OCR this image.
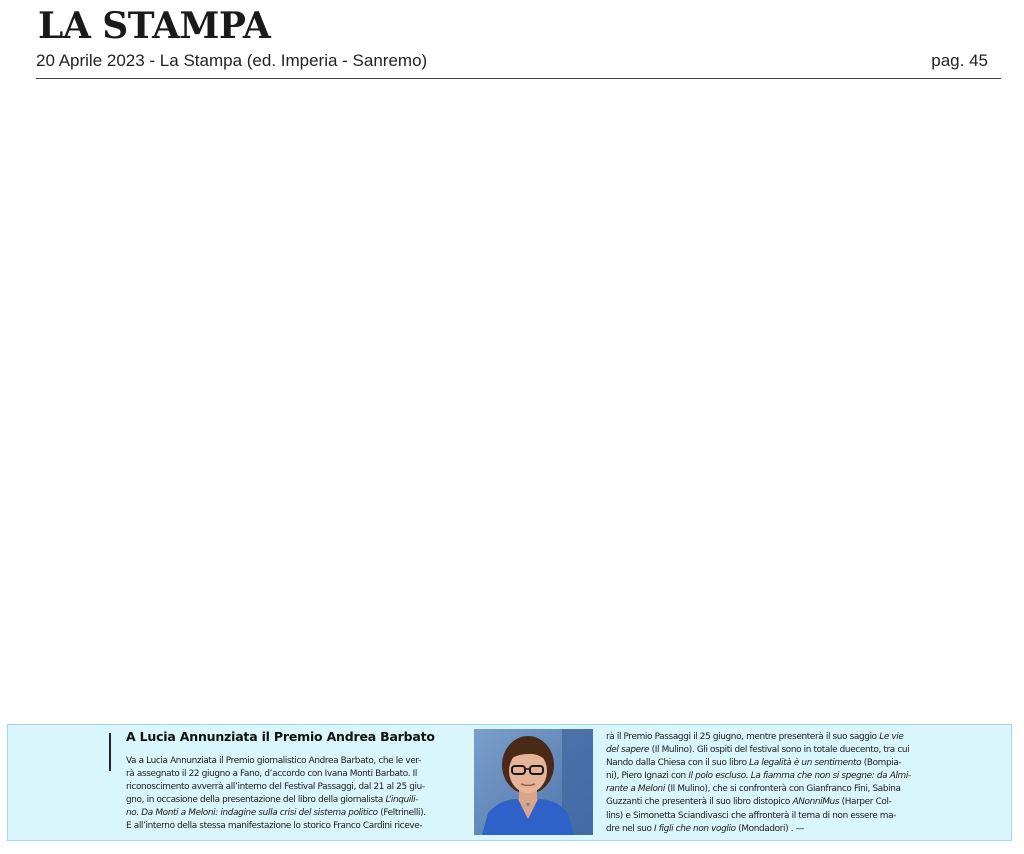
LA STAMPA
20 Aprile 2023 - La Stampa (ed. Imperia - Sanremo)	pag. 45
A Lucia Annunziata il Premio Andrea Barbato
Va a Lucia Annunziata il Premio giornalistico Andrea Barbato, che le ver-
rà assegnato il 22 giugno a Fano, d’accordo con Ivana Monti Barbato. Il
riconoscimento avverrà all’interno del Festival Passaggi, dal 21 al 25 giu-
gno, in occasione della presentazione del libro della giornalista L’inquili-
no. Da Monti a Meloni: indagine sulla crisi del sistema politico (Feltrinelli).
E all’interno della stessa manifestazione lo storico Franco Cardini riceve-
rà il Premio Passaggi il 25 giugno, mentre presenterà il suo saggio Le vie
del sapere (Il Mulino). Gli ospiti del festival sono in totale duecento, tra cui
Nando dalla Chiesa con il suo libro La legalità è un sentimento (Bompia-
ni), Piero Ignazi con Il polo escluso. La fiamma che non si spegne: da Almi-
rante a Meloni (Il Mulino), che si confronterà con Gianfranco Fini, Sabina
Guzzanti che presenterà il suo libro distopico ANonniMus (Harper Col-
lins) e Simonetta Sciandivasci che affronterà il tema di non essere ma-
dre nel suo I figli che non voglio (Mondadori) . —
